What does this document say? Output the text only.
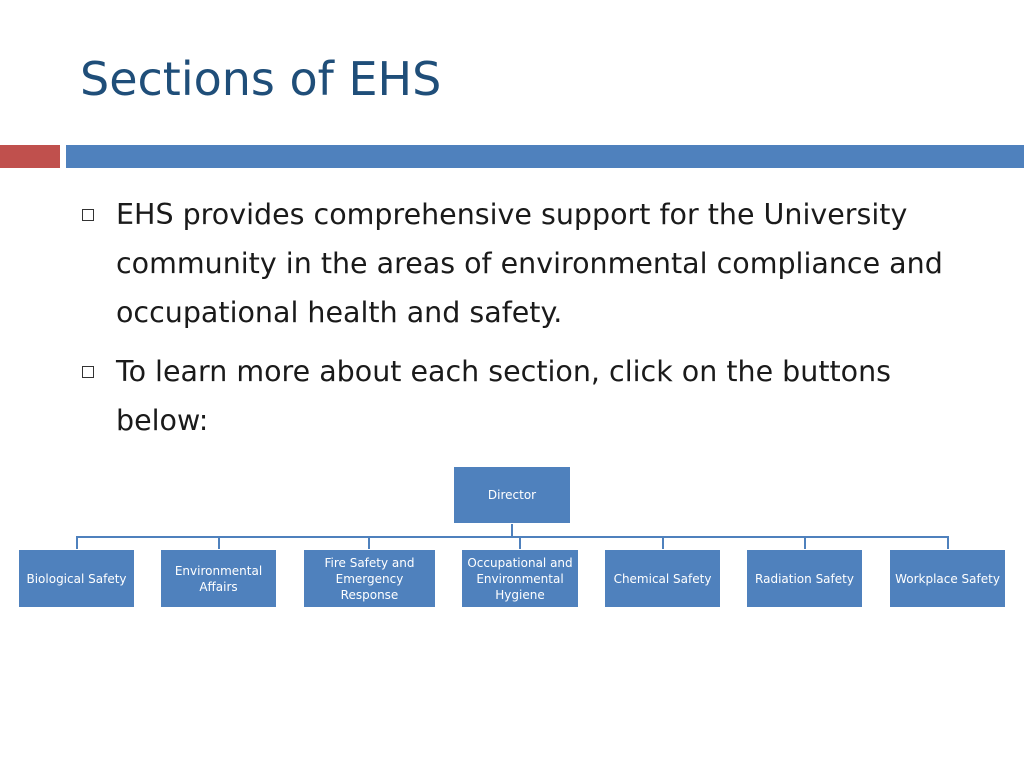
Sections of EHS
EHS provides comprehensive support for the University community in the areas of environmental compliance and occupational health and safety.
To learn more about each section, click on the buttons below:
Director
Biological Safety
Environmental Affairs
Fire Safety and Emergency Response
Occupational and Environmental Hygiene
Chemical Safety	Radiation Safety	Workplace Safety
